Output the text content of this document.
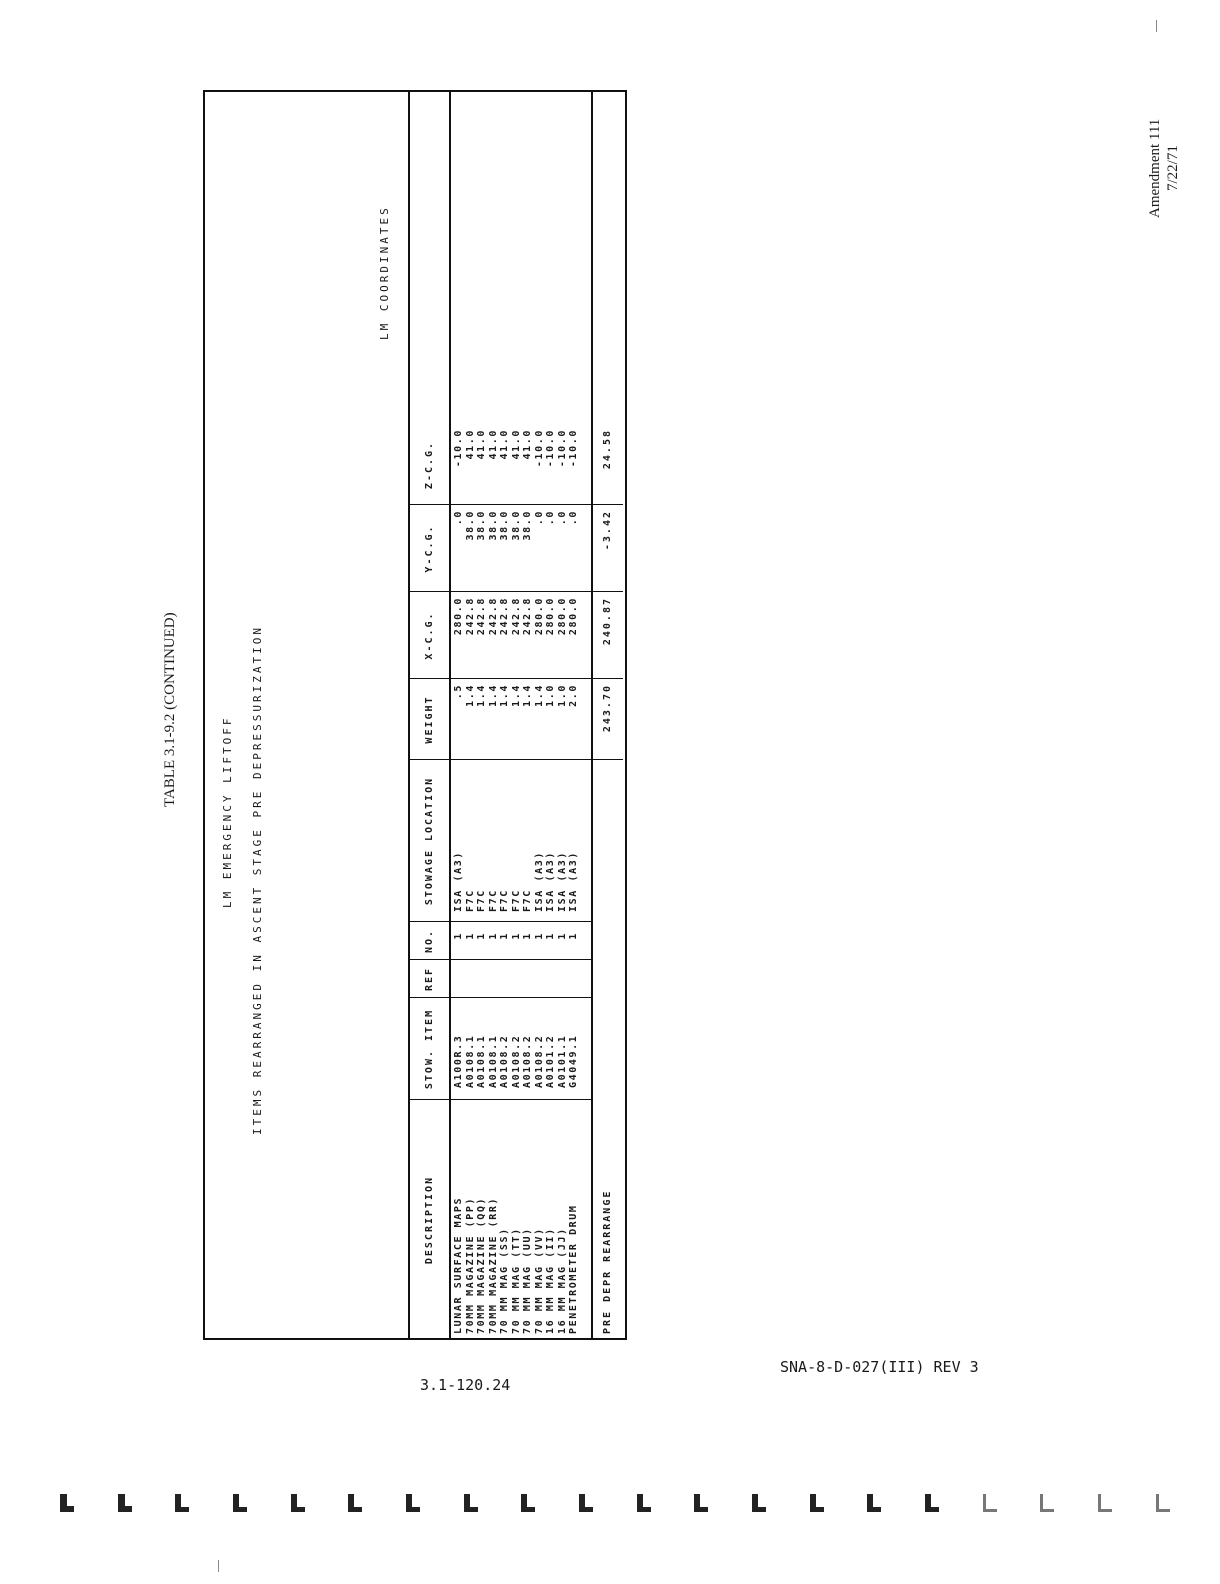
Amendment 111 7/22/71
TABLE 3.1-9.2 (CONTINUED)
LM EMERGENCY LIFTOFF ITEMS REARRANGED IN ASCENT STAGE PRE DEPRESSURIZATION
LM COORDINATES
DESCRIPTION
STOW. ITEM
REF
NO.
STOWAGE LOCATION
WEIGHT
X-C.G.
Y-C.G.
Z-C.G.
LUNAR SURFACE MAPS 70MM MAGAZINE (PP) 70MM MAGAZINE (QQ) 70MM MAGAZINE (RR) 70 MM MAG (SS) 70 MM MAG (TT) 70 MM MAG (UU) 70 MM MAG (VV) 16 MM MAG (II) 16 MM MAG (JJ) PENETROMETER DRUM
A100R.3 A0108.1 A0108.1 A0108.1 A0108.2 A0108.2 A0108.2 A0108.2 A0101.2 A0101.1 G4049.1
1 1 1 1 1 1 1 1 1 1 1
ISA (A3) F7C F7C F7C F7C F7C F7C ISA (A3) ISA (A3) ISA (A3) ISA (A3)
.5 1.4 1.4 1.4 1.4 1.4 1.4 1.4 1.0 1.0 2.0
280.0 242.8 242.8 242.8 242.8 242.8 242.8 280.0 280.0 280.0 280.0
.0 38.0 38.0 38.0 38.0 38.0 38.0 .0 .0 .0 .0
-10.0 41.0 41.0 41.0 41.0 41.0 41.0 -10.0 -10.0 -10.0 -10.0
PRE DEPR REARRANGE
243.70
240.87
-3.42
24.58
3.1-120.24
SNA-8-D-027(III) REV 3
